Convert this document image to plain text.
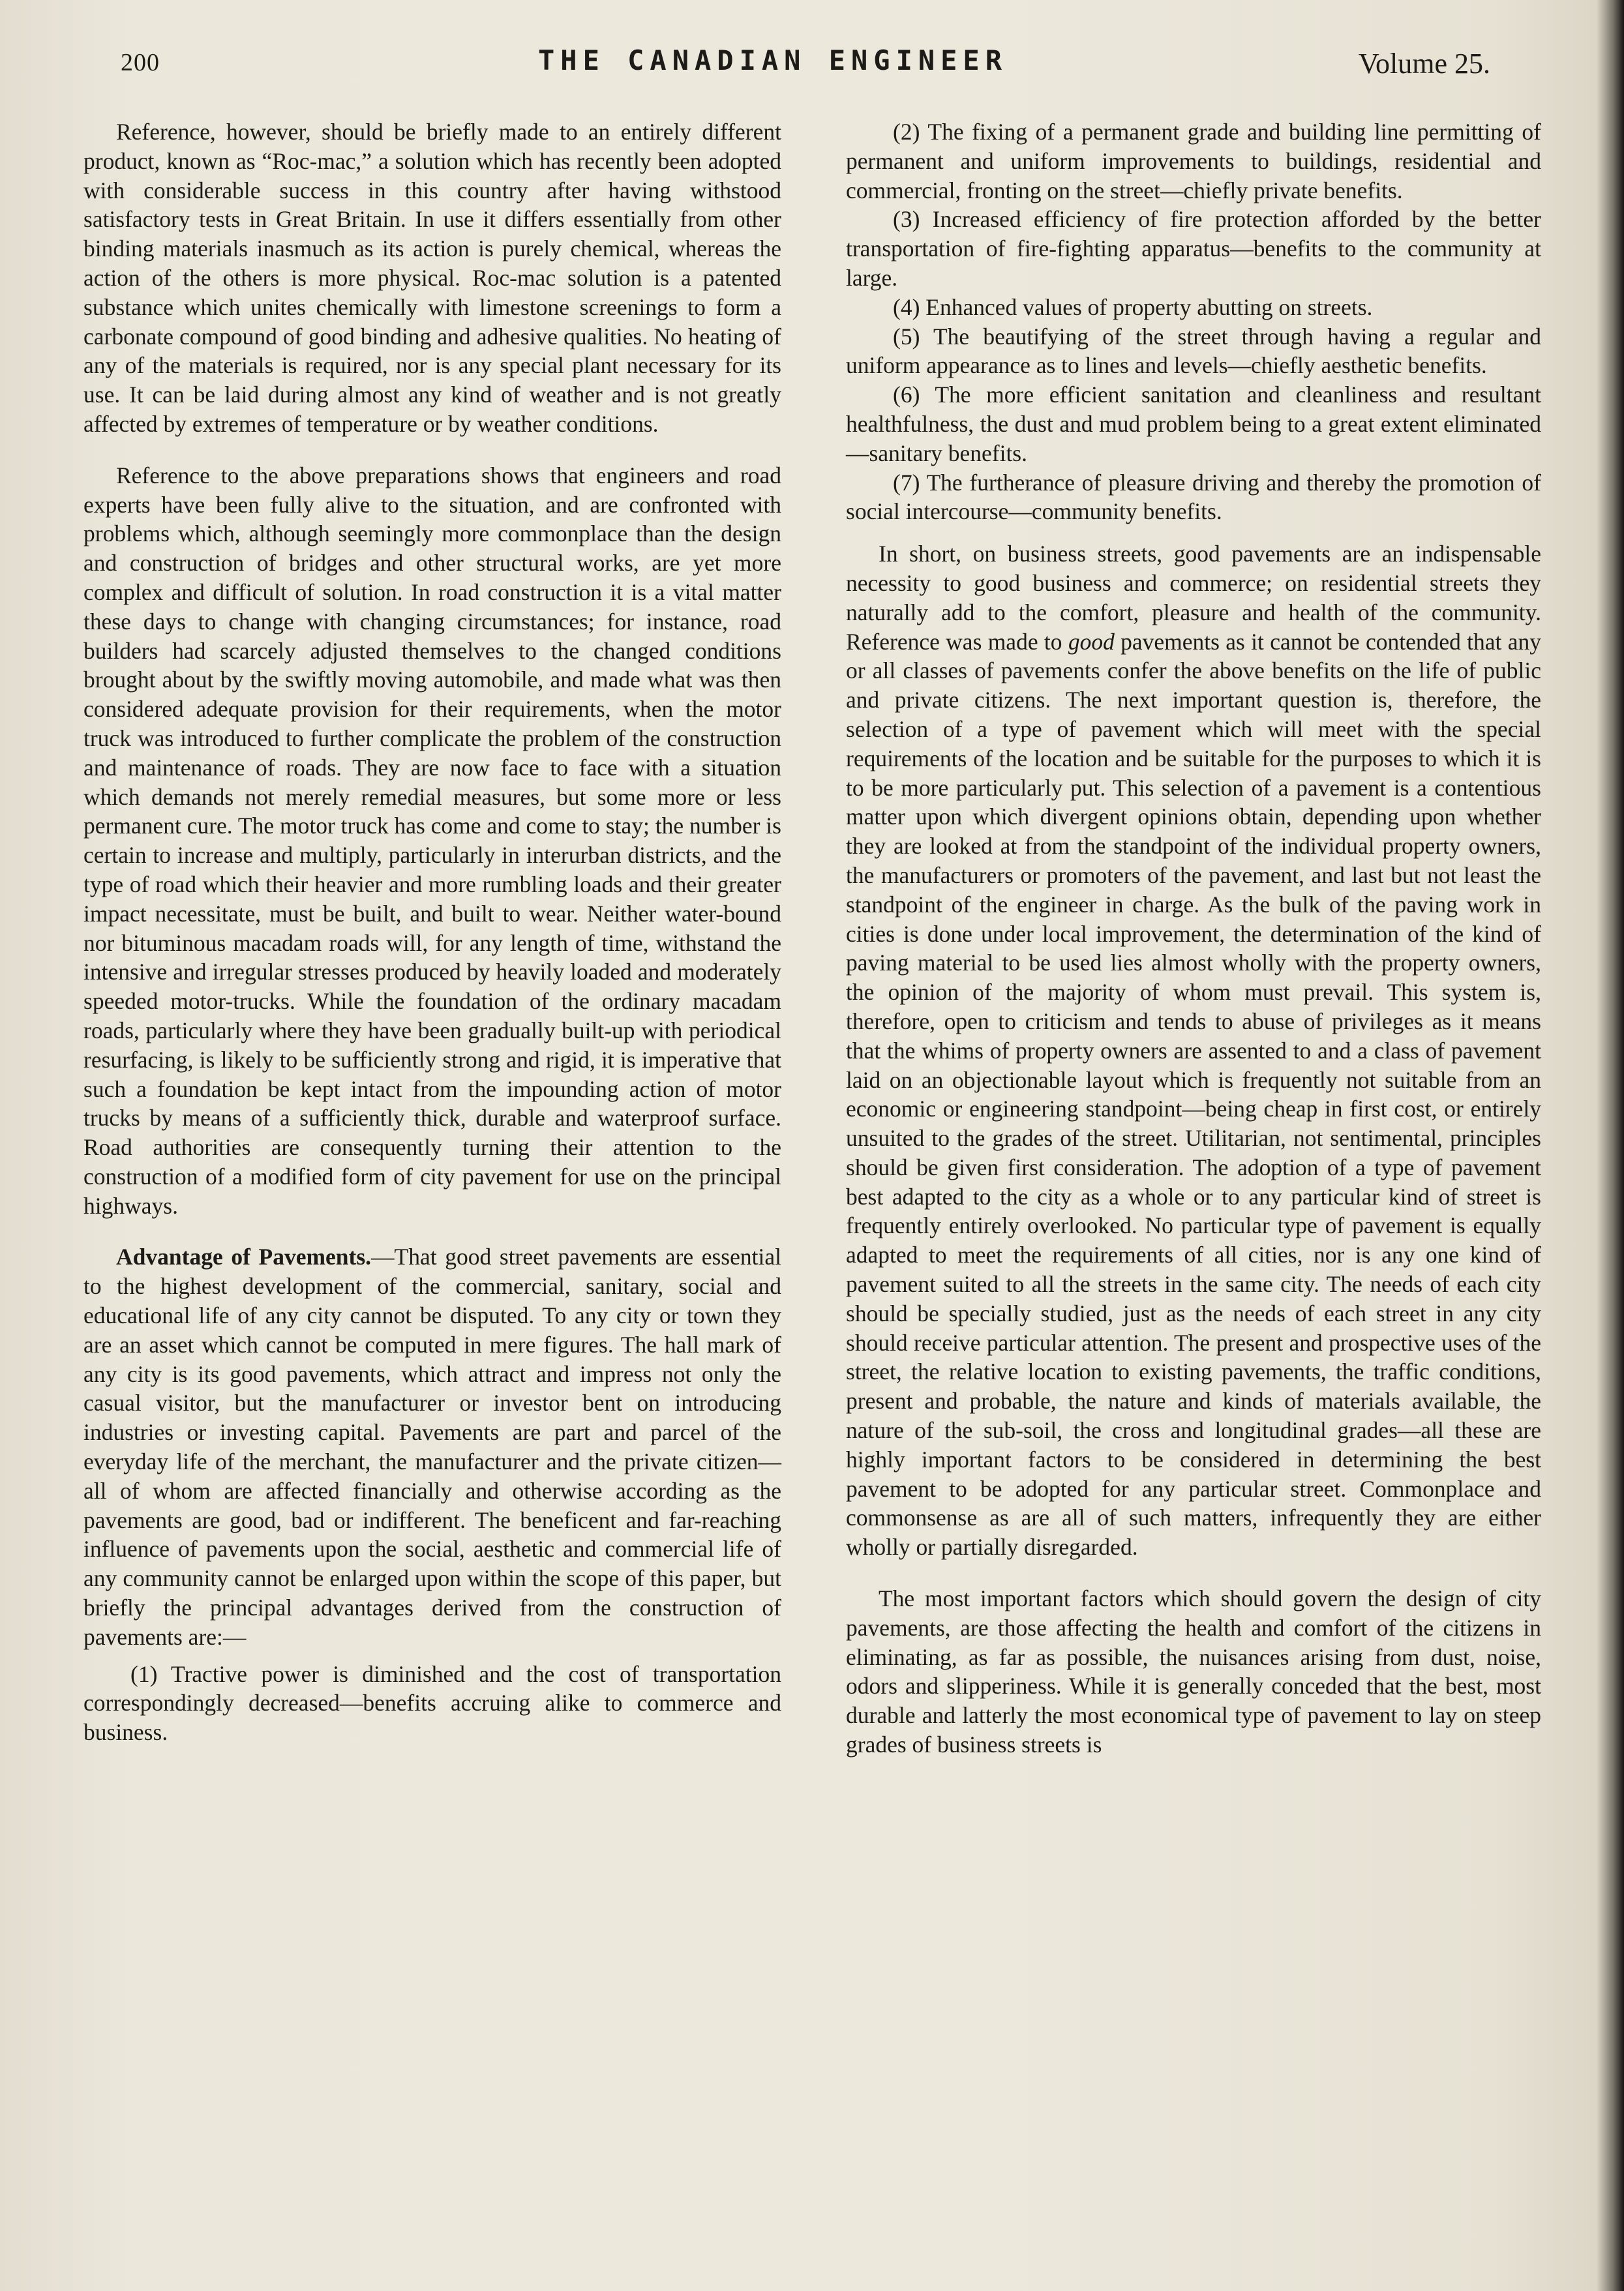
200	THE CANADIAN ENGINEER	Volume 25.

Reference, however, should be briefly made to an entirely different product, known as “Roc-mac,” a solution which has recently been adopted with considerable success in this country after having withstood satisfactory tests in Great Britain. In use it differs essentially from other binding materials inasmuch as its action is purely chemical, whereas the action of the others is more physical. Roc-mac solution is a patented substance which unites chemically with limestone screenings to form a carbonate compound of good binding and adhesive qualities. No heating of any of the materials is required, nor is any special plant necessary for its use. It can be laid during almost any kind of weather and is not greatly affected by extremes of temperature or by weather conditions.

Reference to the above preparations shows that engineers and road experts have been fully alive to the situation, and are confronted with problems which, although seemingly more commonplace than the design and construction of bridges and other structural works, are yet more complex and difficult of solution. In road construction it is a vital matter these days to change with changing circumstances; for instance, road builders had scarcely adjusted themselves to the changed conditions brought about by the swiftly moving automobile, and made what was then considered adequate provision for their requirements, when the motor truck was introduced to further complicate the problem of the construction and maintenance of roads. They are now face to face with a situation which demands not merely remedial measures, but some more or less permanent cure. The motor truck has come and come to stay; the number is certain to increase and multiply, particularly in interurban districts, and the type of road which their heavier and more rumbling loads and their greater impact necessitate, must be built, and built to wear. Neither water-bound nor bituminous macadam roads will, for any length of time, withstand the intensive and irregular stresses produced by heavily loaded and moderately speeded motor-trucks. While the foundation of the ordinary macadam roads, particularly where they have been gradually built-up with periodical resurfacing, is likely to be sufficiently strong and rigid, it is imperative that such a foundation be kept intact from the impounding action of motor trucks by means of a sufficiently thick, durable and waterproof surface. Road authorities are consequently turning their attention to the construction of a modified form of city pavement for use on the principal highways.

Advantage of Pavements.—That good street pavements are essential to the highest development of the commercial, sanitary, social and educational life of any city cannot be disputed. To any city or town they are an asset which cannot be computed in mere figures. The hall mark of any city is its good pavements, which attract and impress not only the casual visitor, but the manufacturer or investor bent on introducing industries or investing capital. Pavements are part and parcel of the everyday life of the merchant, the manufacturer and the private citizen—all of whom are affected financially and otherwise according as the pavements are good, bad or indifferent. The beneficent and far-reaching influence of pavements upon the social, aesthetic and commercial life of any community cannot be enlarged upon within the scope of this paper, but briefly the principal advantages derived from the construction of pavements are:—

(1) Tractive power is diminished and the cost of transportation correspondingly decreased—benefits accruing alike to commerce and business.

(2) The fixing of a permanent grade and building line permitting of permanent and uniform improvements to buildings, residential and commercial, fronting on the street—chiefly private benefits.

(3) Increased efficiency of fire protection afforded by the better transportation of fire-fighting apparatus—benefits to the community at large.

(4) Enhanced values of property abutting on streets.

(5) The beautifying of the street through having a regular and uniform appearance as to lines and levels—chiefly aesthetic benefits.

(6) The more efficient sanitation and cleanliness and resultant healthfulness, the dust and mud problem being to a great extent eliminated—sanitary benefits.

(7) The furtherance of pleasure driving and thereby the promotion of social intercourse—community benefits.

In short, on business streets, good pavements are an indispensable necessity to good business and commerce; on residential streets they naturally add to the comfort, pleasure and health of the community. Reference was made to good pavements as it cannot be contended that any or all classes of pavements confer the above benefits on the life of public and private citizens. The next important question is, therefore, the selection of a type of pavement which will meet with the special requirements of the location and be suitable for the purposes to which it is to be more particularly put. This selection of a pavement is a contentious matter upon which divergent opinions obtain, depending upon whether they are looked at from the standpoint of the individual property owners, the manufacturers or promoters of the pavement, and last but not least the standpoint of the engineer in charge. As the bulk of the paving work in cities is done under local improvement, the determination of the kind of paving material to be used lies almost wholly with the property owners, the opinion of the majority of whom must prevail. This system is, therefore, open to criticism and tends to abuse of privileges as it means that the whims of property owners are assented to and a class of pavement laid on an objectionable layout which is frequently not suitable from an economic or engineering standpoint—being cheap in first cost, or entirely unsuited to the grades of the street. Utilitarian, not sentimental, principles should be given first consideration. The adoption of a type of pavement best adapted to the city as a whole or to any particular kind of street is frequently entirely overlooked. No particular type of pavement is equally adapted to meet the requirements of all cities, nor is any one kind of pavement suited to all the streets in the same city. The needs of each city should be specially studied, just as the needs of each street in any city should receive particular attention. The present and prospective uses of the street, the relative location to existing pavements, the traffic conditions, present and probable, the nature and kinds of materials available, the nature of the sub-soil, the cross and longitudinal grades—all these are highly important factors to be considered in determining the best pavement to be adopted for any particular street. Commonplace and commonsense as are all of such matters, infrequently they are either wholly or partially disregarded.

The most important factors which should govern the design of city pavements, are those affecting the health and comfort of the citizens in eliminating, as far as possible, the nuisances arising from dust, noise, odors and slipperiness. While it is generally conceded that the best, most durable and latterly the most economical type of pavement to lay on steep grades of business streets is
